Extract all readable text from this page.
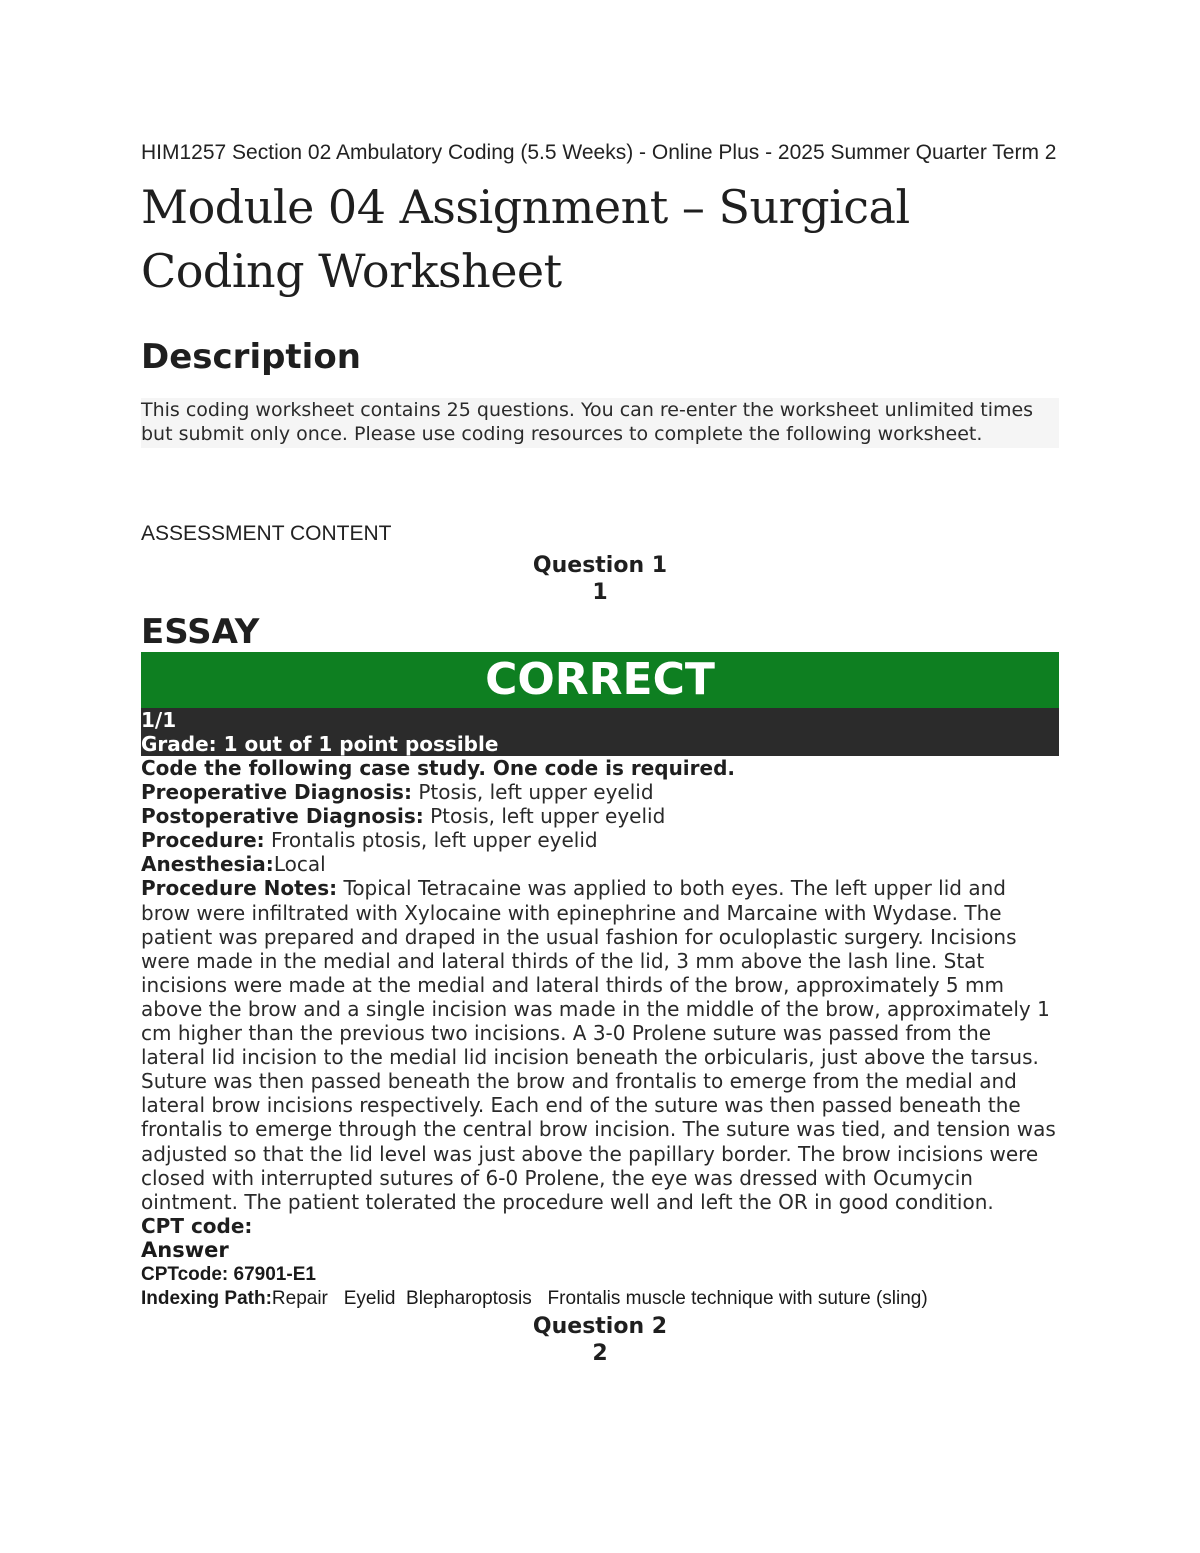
HIM1257 Section 02 Ambulatory Coding (5.5 Weeks) - Online Plus - 2025 Summer Quarter Term 2
Module 04 Assignment – Surgical Coding Worksheet
Description
This coding worksheet contains 25 questions. You can re-enter the worksheet unlimited times but submit only once. Please use coding resources to complete the following worksheet.
ASSESSMENT CONTENT
Question 1
1
ESSAY
CORRECT
1/1
Grade: 1 out of 1 point possible
Code the following case study. One code is required.
Preoperative Diagnosis: Ptosis, left upper eyelid
Postoperative Diagnosis: Ptosis, left upper eyelid
Procedure: Frontalis ptosis, left upper eyelid
Anesthesia:Local
Procedure Notes: Topical Tetracaine was applied to both eyes. The left upper lid and brow were infiltrated with Xylocaine with epinephrine and Marcaine with Wydase. The patient was prepared and draped in the usual fashion for oculoplastic surgery. Incisions were made in the medial and lateral thirds of the lid, 3 mm above the lash line. Stat incisions were made at the medial and lateral thirds of the brow, approximately 5 mm above the brow and a single incision was made in the middle of the brow, approximately 1 cm higher than the previous two incisions. A 3-0 Prolene suture was passed from the lateral lid incision to the medial lid incision beneath the orbicularis, just above the tarsus. Suture was then passed beneath the brow and frontalis to emerge from the medial and lateral brow incisions respectively. Each end of the suture was then passed beneath the frontalis to emerge through the central brow incision. The suture was tied, and tension was adjusted so that the lid level was just above the papillary border. The brow incisions were closed with interrupted sutures of 6-0 Prolene, the eye was dressed with Ocumycin ointment. The patient tolerated the procedure well and left the OR in good condition.
CPT code:
Answer
CPTcode: 67901-E1
Indexing Path:Repair   Eyelid  Blepharoptosis   Frontalis muscle technique with suture (sling)
Question 2
2
